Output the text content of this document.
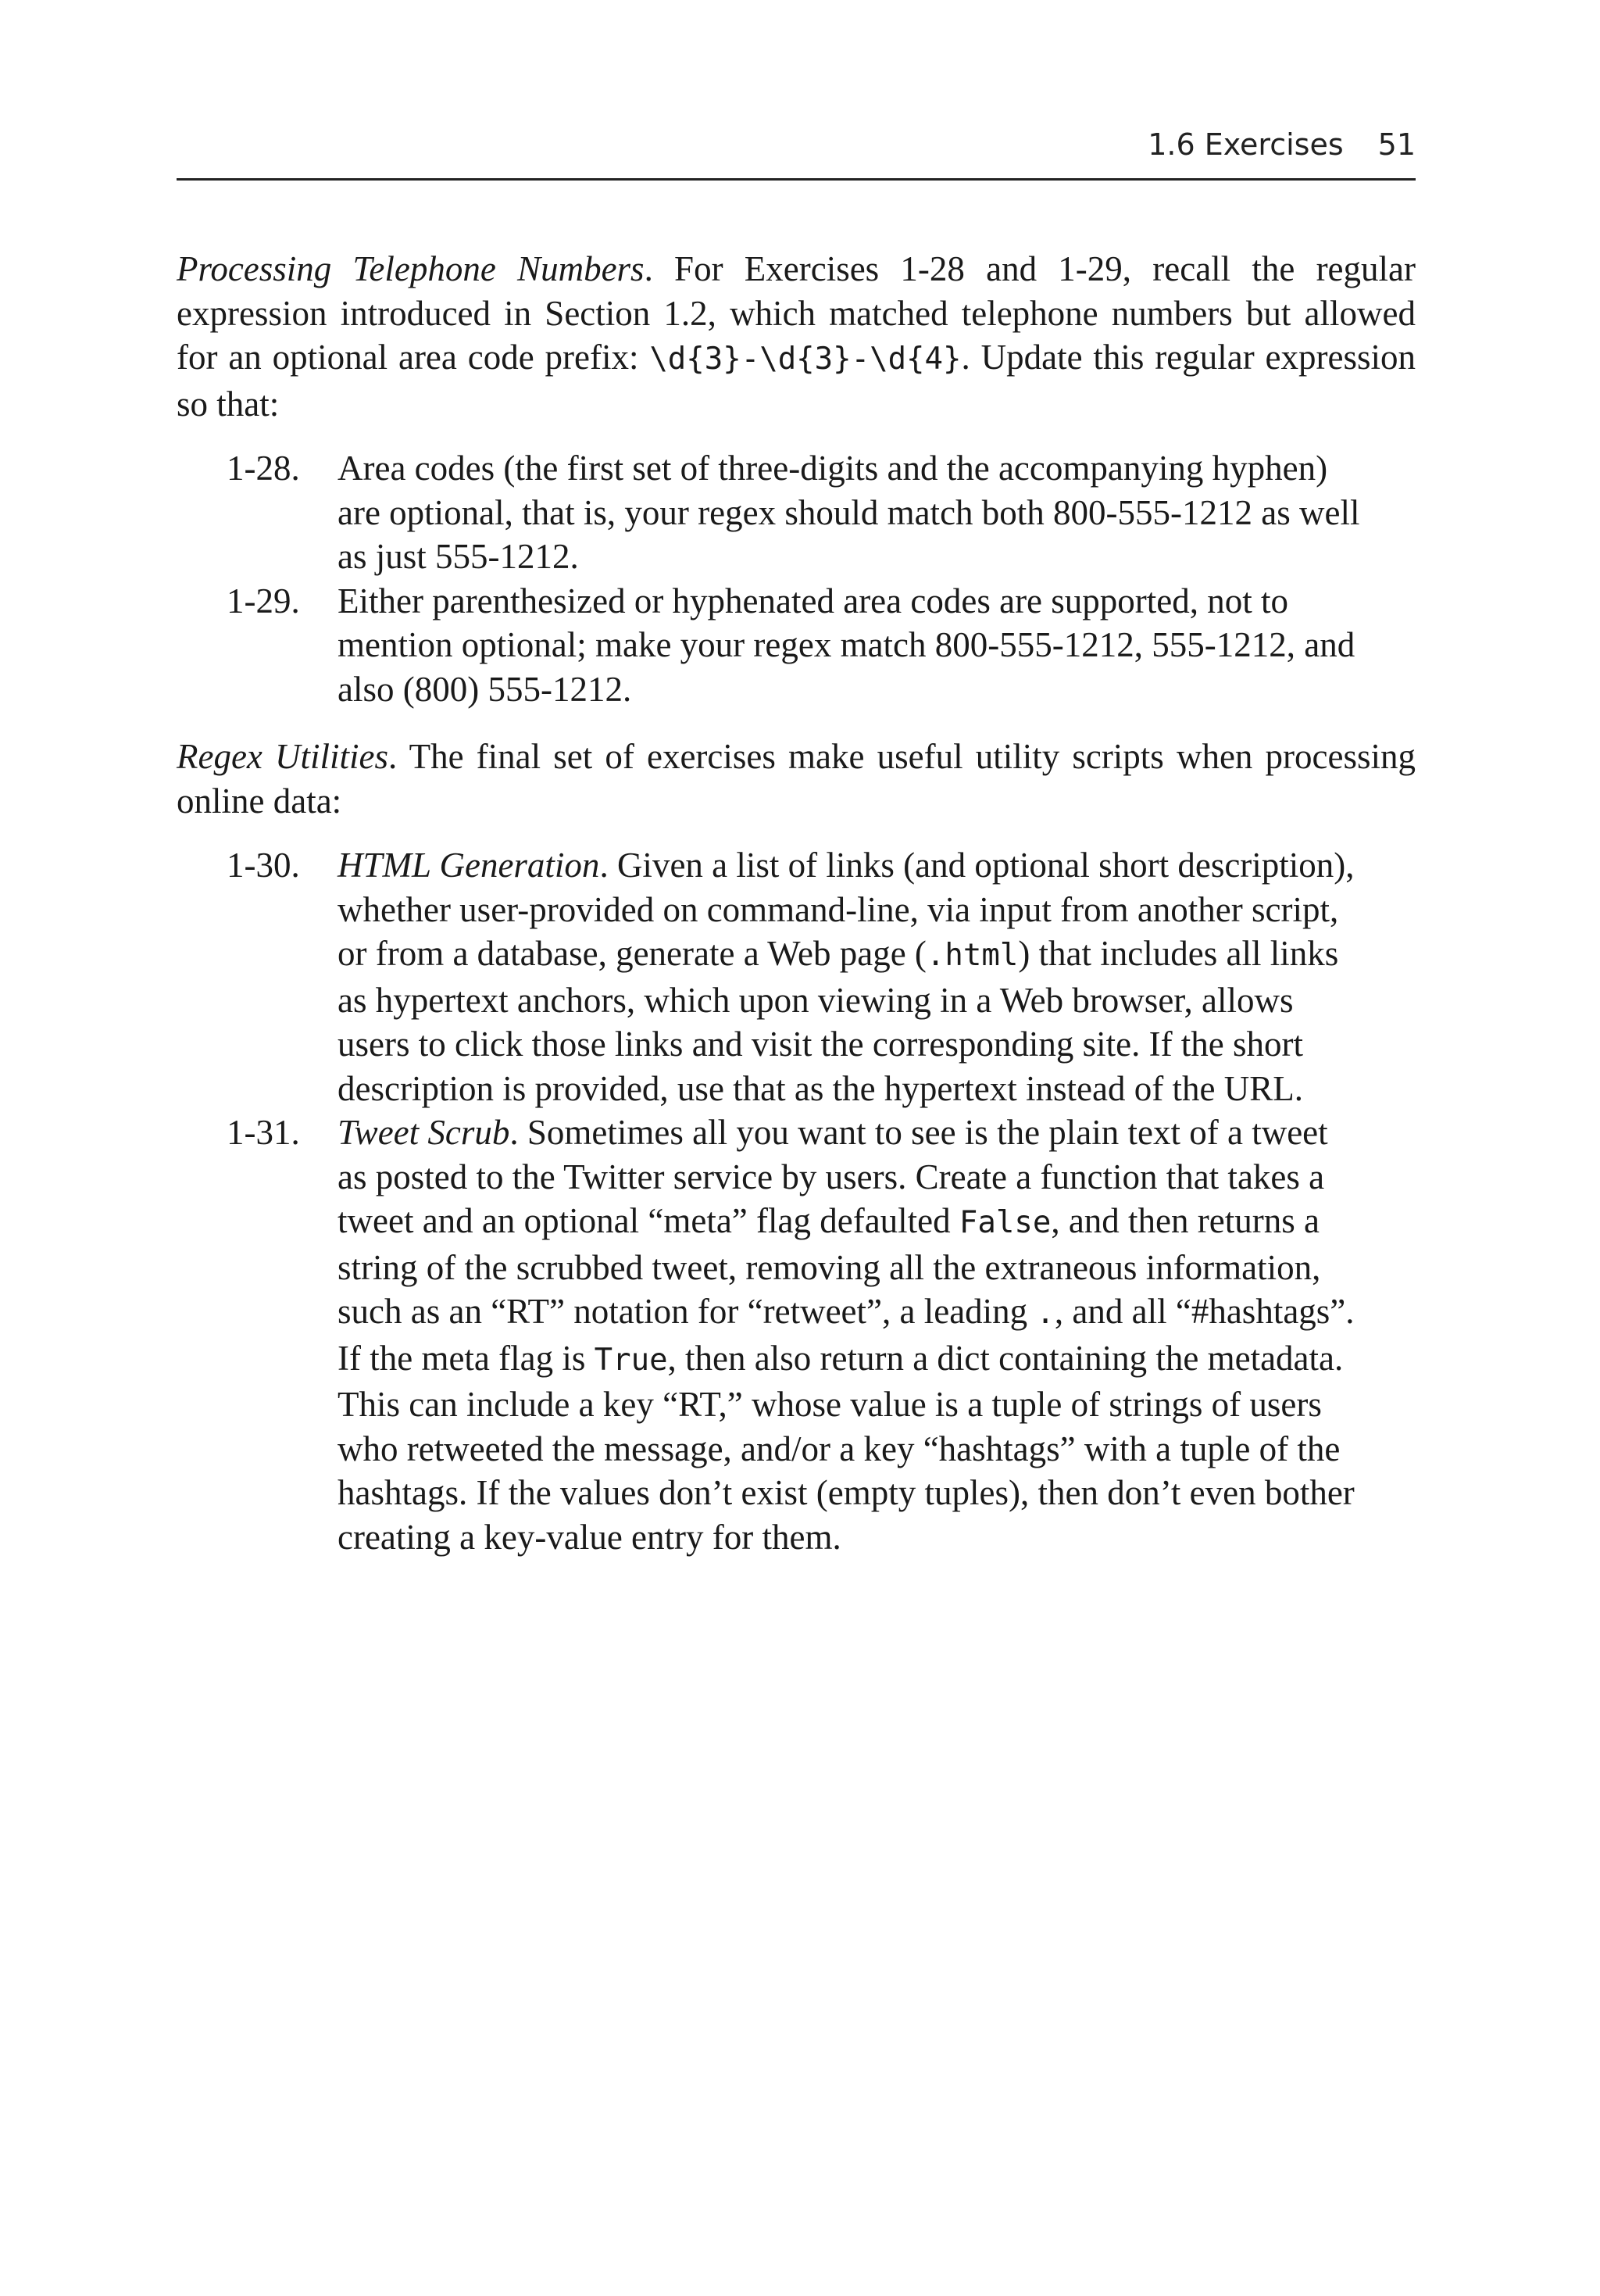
1.6 Exercises 51

Processing Telephone Numbers. For Exercises 1-28 and 1-29, recall the regular expression introduced in Section 1.2, which matched telephone numbers but allowed for an optional area code prefix: \d{3}-\d{3}-\d{4}. Update this regular expression so that:

1-28. Area codes (the first set of three-digits and the accompanying hyphen) are optional, that is, your regex should match both 800-555-1212 as well as just 555-1212.
1-29. Either parenthesized or hyphenated area codes are supported, not to mention optional; make your regex match 800-555-1212, 555-1212, and also (800) 555-1212.

Regex Utilities. The final set of exercises make useful utility scripts when processing online data:

1-30. HTML Generation. Given a list of links (and optional short description), whether user-provided on command-line, via input from another script, or from a database, generate a Web page (.html) that includes all links as hypertext anchors, which upon viewing in a Web browser, allows users to click those links and visit the corresponding site. If the short description is provided, use that as the hypertext instead of the URL.
1-31. Tweet Scrub. Sometimes all you want to see is the plain text of a tweet as posted to the Twitter service by users. Create a function that takes a tweet and an optional “meta” flag defaulted False, and then returns a string of the scrubbed tweet, removing all the extraneous information, such as an “RT” notation for “retweet”, a leading ., and all “#hashtags”. If the meta flag is True, then also return a dict containing the metadata. This can include a key “RT,” whose value is a tuple of strings of users who retweeted the message, and/or a key “hashtags” with a tuple of the hashtags. If the values don’t exist (empty tuples), then don’t even bother creating a key-value entry for them.
